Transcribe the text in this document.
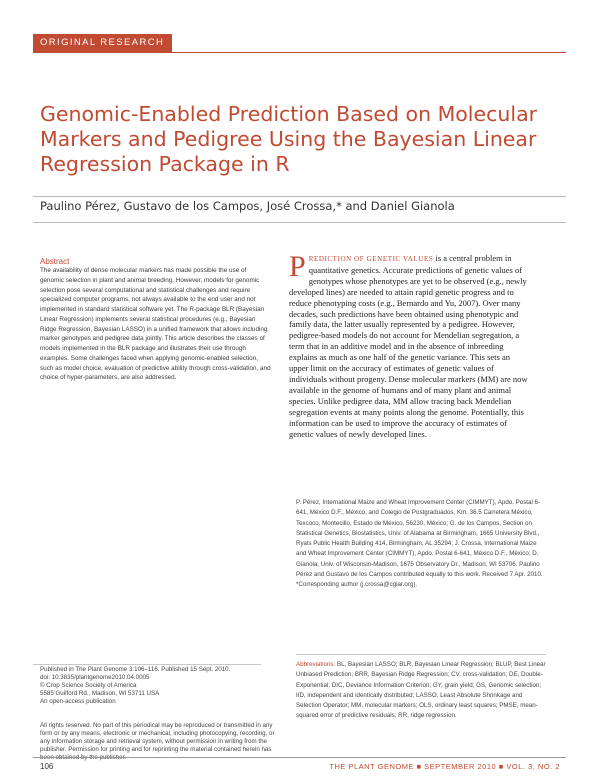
ORIGINAL RESEARCH
Genomic-Enabled Prediction Based on Molecular Markers and Pedigree Using the Bayesian Linear Regression Package in R
Paulino Pérez, Gustavo de los Campos, José Crossa,* and Daniel Gianola
Abstract

The availability of dense molecular markers has made possible the use of genomic selection in plant and animal breeding. However, models for genomic selection pose several computational and statistical challenges and require specialized computer programs, not always available to the end user and not implemented in standard statistical software yet. The R-package BLR (Bayesian Linear Regression) implements several statistical procedures (e.g., Bayesian Ridge Regression, Bayesian LASSO) in a unified framework that allows including marker genotypes and pedigree data jointly. This article describes the classes of models implemented in the BLR package and illustrates their use through examples. Some challenges faced when applying genomic-enabled selection, such as model choice, evaluation of predictive ability through cross-validation, and choice of hyper-parameters, are also addressed.

PREDICTION OF GENETIC VALUES is a central problem in quantitative genetics. Accurate predictions of genetic values of genotypes whose phenotypes are yet to be observed (e.g., newly developed lines) are needed to attain rapid genetic progress and to reduce phenotyping costs (e.g., Bernardo and Yu, 2007). Over many decades, such predictions have been obtained using phenotypic and family data, the latter usually represented by a pedigree. However, pedigree-based models do not account for Mendelian segregation, a term that in an additive model and in the absence of inbreeding explains as much as one half of the genetic variance. This sets an upper limit on the accuracy of estimates of genetic values of individuals without progeny. Dense molecular markers (MM) are now available in the genome of humans and of many plant and animal species. Unlike pedigree data, MM allow tracing back Mendelian segregation events at many points along the genome. Potentially, this information can be used to improve the accuracy of estimates of genetic values of newly developed lines.

P. Pérez, International Maize and Wheat Improvement Center (CIMMYT), Apdo. Postal 6-641, México D.F., México, and Colegio de Postgraduados, Km. 36.5 Carretera México, Texcoco, Montecillo, Estado de México, 56230, México; G. de los Campos, Section on Statistical Genetics, Biostatistics, Univ. of Alabama at Birmingham, 1665 University Blvd., Ryals Public Health Building 414, Birmingham, AL 35294; J. Crossa, International Maize and Wheat Improvement Center (CIMMYT), Apdo. Postal 6-641, México D.F., México; D. Gianola, Univ. of Wisconsin-Madison, 1675 Observatory Dr., Madison, WI 53706. Paulino Pérez and Gustavo de los Campos contributed equally to this work. Received 7 Apr. 2010. *Corresponding author (j.crossa@cgiar.org).

Abbreviations: BL, Bayesian LASSO; BLR, Bayesian Linear Regression; BLUP, Best Linear Unbiased Prediction; BRR, Bayesian Ridge Regression; CV, cross-validation; DE, Double-Exponential; DIC, Deviance Information Criterion; GY, grain yield; GS, Genomic selection; IID, independent and identically distributed; LASSO, Least Absolute Shrinkage and Selection Operator; MM, molecular markers; OLS, ordinary least squares; PMSE, mean-squared error of predictive residuals; RR, ridge regression.

Published in The Plant Genome 3:106–116. Published 15 Sept. 2010.
doi: 10.3835/plantgenome2010.04.0005
© Crop Science Society of America
5585 Guilford Rd., Madison, WI 53711 USA
An open-access publication

All rights reserved. No part of this periodical may be reproduced or transmitted in any form or by any means, electronic or mechanical, including photocopying, recording, or any information storage and retrieval system, without permission in writing from the publisher. Permission for printing and for reprinting the material contained herein has

106	THE PLANT GENOME ■ SEPTEMBER 2010 ■ VOL. 3, NO. 2
